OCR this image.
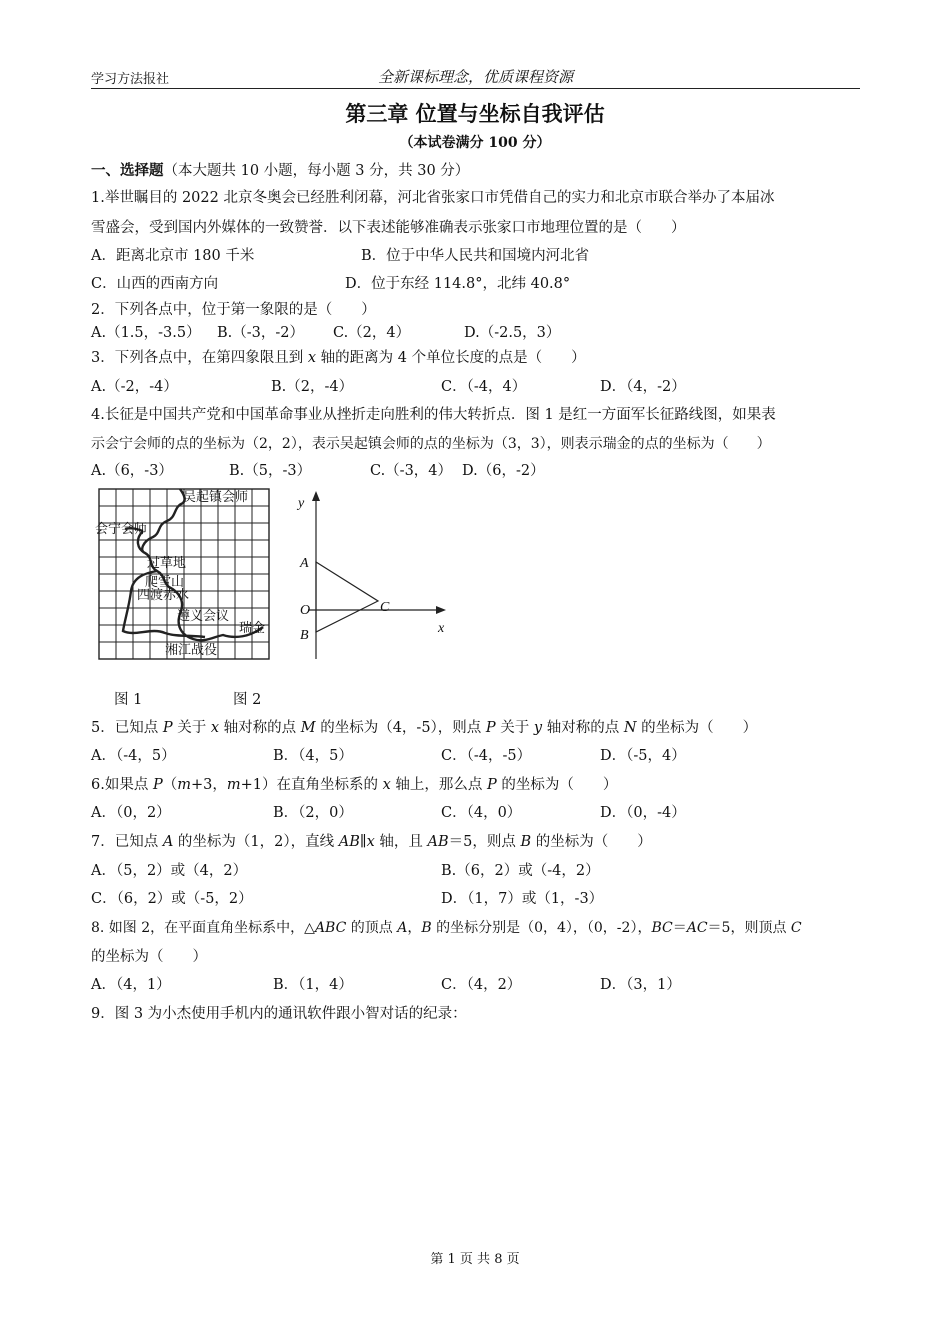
学习方法报社	全新课标理念，优质课程资源
第三章 位置与坐标自我评估
（本试卷满分 100 分）
一、选择题（本大题共 10 小题，每小题 3 分，共 30 分）
1.举世瞩目的 2022 北京冬奥会已经胜利闭幕，河北省张家口市凭借自己的实力和北京市联合举办了本届冰
雪盛会，受到国内外媒体的一致赞誉．以下表述能够准确表示张家口市地理位置的是（　　）
A．距离北京市 180 千米	B．位于中华人民共和国境内河北省
C．山西的西南方向	D．位于东经 114.8°，北纬 40.8°
2．下列各点中，位于第一象限的是（　　）
A.（1.5，-3.5） B.（-3，-2） C.（2，4）	D.（-2.5，3）
3．下列各点中，在第四象限且到 x 轴的距离为 4 个单位长度的点是（　　）
A.（-2，-4）	B.（2，-4）	C．（-4，4）	D．（4，-2）
4.长征是中国共产党和中国革命事业从挫折走向胜利的伟大转折点．图 1 是红一方面军长征路线图，如果表
示会宁会师的点的坐标为（2，2），表示吴起镇会师的点的坐标为（3，3），则表示瑞金的点的坐标为（　　）
A.（6，-3）	B.（5，-3）	C.（-3，4） D.（6，-2）
吴起镇会师
会宁会师
过草地
爬雪山
四渡赤水
遵义会议
瑞金
湘江战役
y
x
A
O
B
C
图 1	图 2
5．已知点 P 关于 x 轴对称的点 M 的坐标为（4，-5），则点 P 关于 y 轴对称的点 N 的坐标为（　　）
A．（-4，5）	B．（4，5）	C．（-4，-5）	D．（-5，4）
6.如果点 P（m+3，m+1）在直角坐标系的 x 轴上，那么点 P 的坐标为（　　）
A．（0，2）	B．（2，0）	C．（4，0）	D．（0，-4）
7．已知点 A 的坐标为（1，2），直线 AB∥x 轴，且 AB＝5，则点 B 的坐标为（　　）
A．（5，2）或（4，2）	B.（6，2）或（-4，2）
C．（6，2）或（-5，2）	D．（1，7）或（1，-3）
8. 如图 2，在平面直角坐标系中，△ABC 的顶点 A，B 的坐标分别是（0，4），（0，-2），BC＝AC＝5，则顶点 C
的坐标为（　　）
A．（4，1）	B．（1，4）	C．（4，2）	D．（3，1）
9．图 3 为小杰使用手机内的通讯软件跟小智对话的纪录：
第 1 页 共 8 页
